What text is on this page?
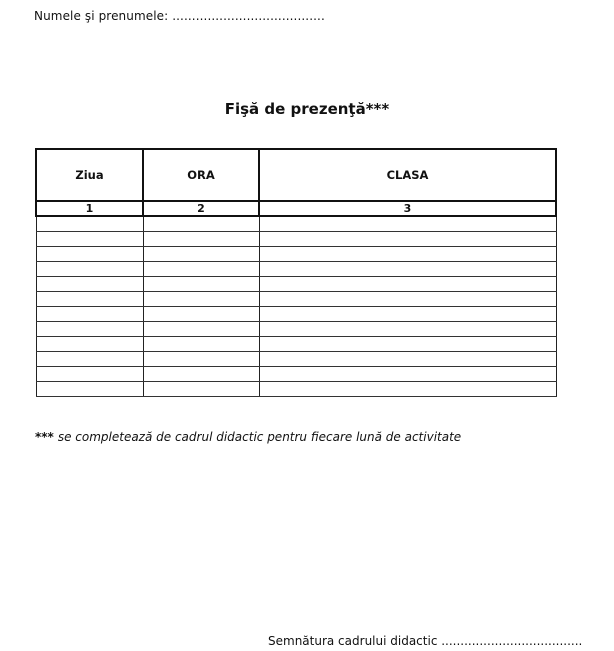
Numele şi prenumele: .......................................
Fişă de prezenţă***
Ziua	ORA	CLASA
1	2	3

*** se completează de cadrul didactic pentru fiecare lună de activitate
Semnătura cadrului didactic .....................................
